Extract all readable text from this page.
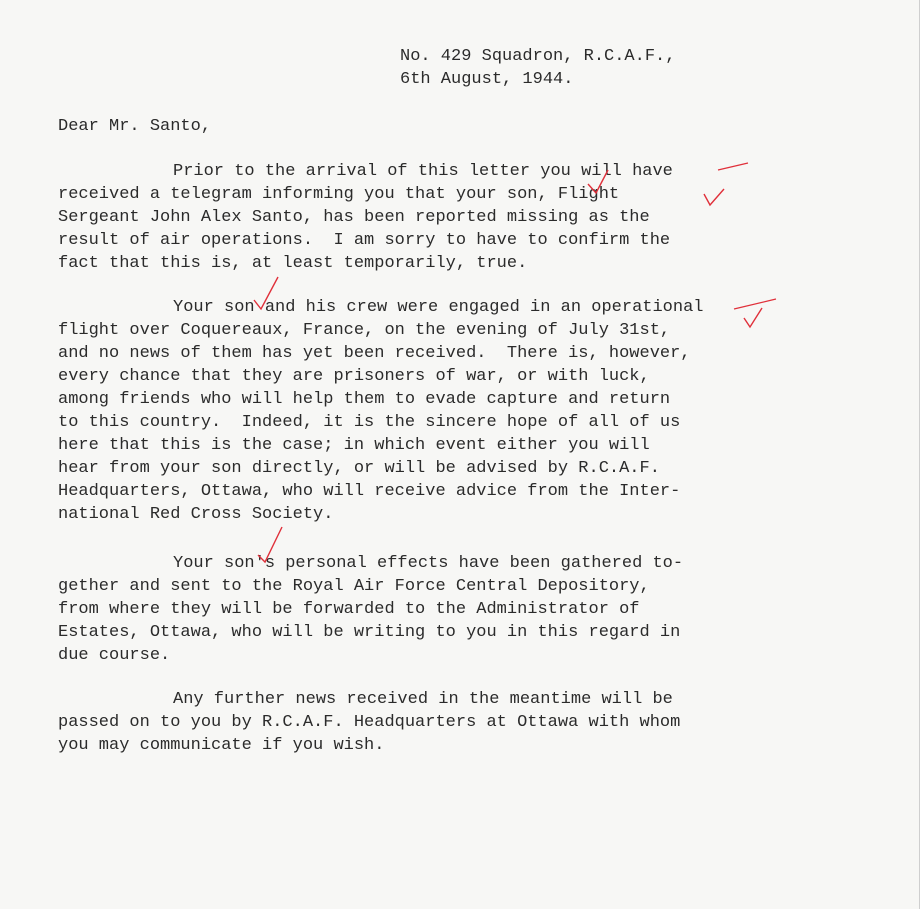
No. 429 Squadron, R.C.A.F.,

6th August, 1944.

Dear Mr. Santo,

Prior to the arrival of this letter you will have

received a telegram informing you that your son, Flight

Sergeant John Alex Santo, has been reported missing as the

result of air operations.  I am sorry to have to confirm the

fact that this is, at least temporarily, true.

Your son and his crew were engaged in an operational

flight over Coquereaux, France, on the evening of July 31st,

and no news of them has yet been received.  There is, however,

every chance that they are prisoners of war, or with luck,

among friends who will help them to evade capture and return

to this country.  Indeed, it is the sincere hope of all of us

here that this is the case; in which event either you will

hear from your son directly, or will be advised by R.C.A.F.

Headquarters, Ottawa, who will receive advice from the Inter-

national Red Cross Society.

Your son's personal effects have been gathered to-

gether and sent to the Royal Air Force Central Depository,

from where they will be forwarded to the Administrator of

Estates, Ottawa, who will be writing to you in this regard in

due course.

Any further news received in the meantime will be

passed on to you by R.C.A.F. Headquarters at Ottawa with whom

you may communicate if you wish.
